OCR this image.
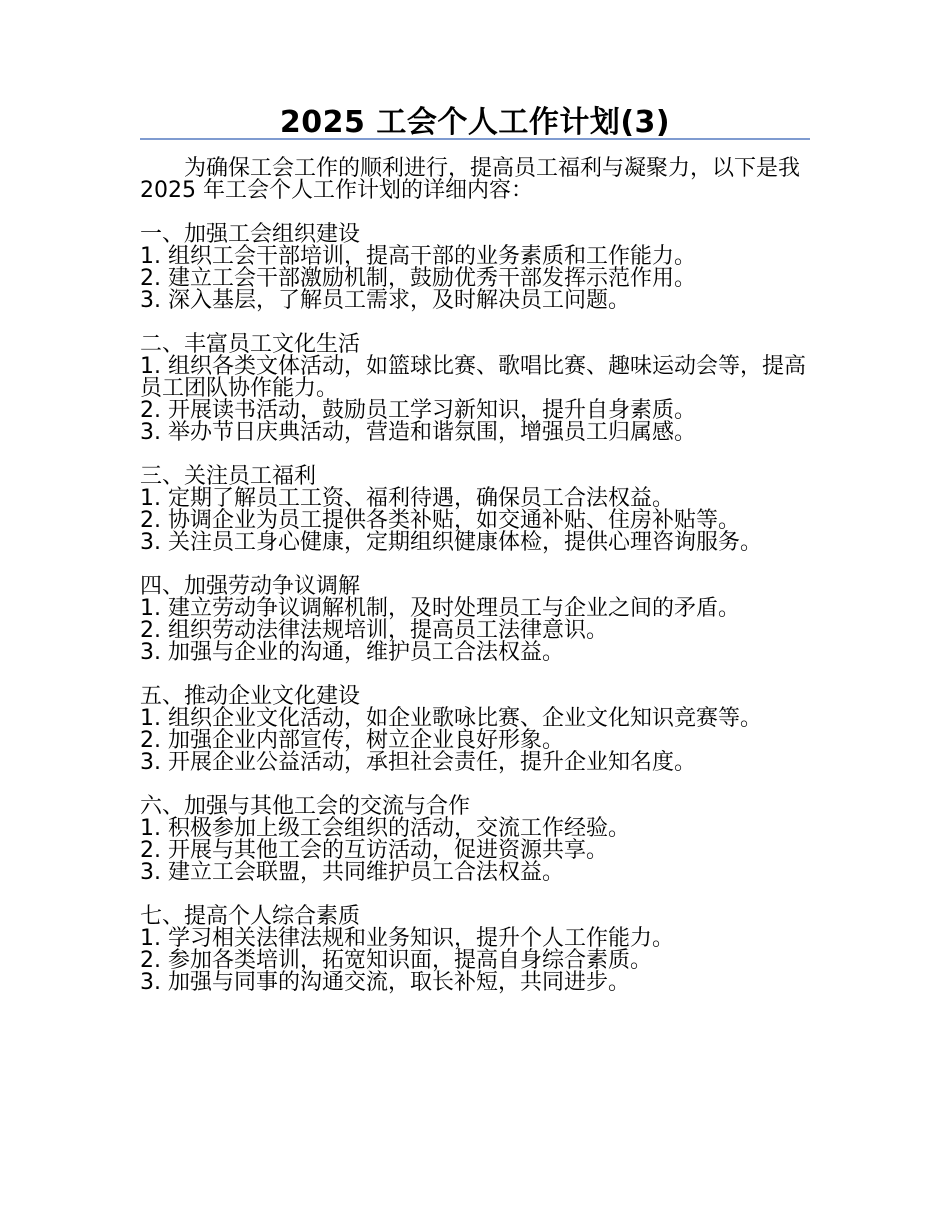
2025 工会个人工作计划(3)

为确保工会工作的顺利进行，提高员工福利与凝聚力，以下是我 2025 年工会个人工作计划的详细内容：

一、加强工会组织建设

1. 组织工会干部培训，提高干部的业务素质和工作能力。

2. 建立工会干部激励机制，鼓励优秀干部发挥示范作用。

3. 深入基层，了解员工需求，及时解决员工问题。

二、丰富员工文化生活

1. 组织各类文体活动，如篮球比赛、歌唱比赛、趣味运动会等，提高员工团队协作能力。

2. 开展读书活动，鼓励员工学习新知识，提升自身素质。

3. 举办节日庆典活动，营造和谐氛围，增强员工归属感。

三、关注员工福利

1. 定期了解员工工资、福利待遇，确保员工合法权益。

2. 协调企业为员工提供各类补贴，如交通补贴、住房补贴等。

3. 关注员工身心健康，定期组织健康体检，提供心理咨询服务。

四、加强劳动争议调解

1. 建立劳动争议调解机制，及时处理员工与企业之间的矛盾。

2. 组织劳动法律法规培训，提高员工法律意识。

3. 加强与企业的沟通，维护员工合法权益。

五、推动企业文化建设

1. 组织企业文化活动，如企业歌咏比赛、企业文化知识竞赛等。

2. 加强企业内部宣传，树立企业良好形象。

3. 开展企业公益活动，承担社会责任，提升企业知名度。

六、加强与其他工会的交流与合作

1. 积极参加上级工会组织的活动，交流工作经验。

2. 开展与其他工会的互访活动，促进资源共享。

3. 建立工会联盟，共同维护员工合法权益。

七、提高个人综合素质

1. 学习相关法律法规和业务知识，提升个人工作能力。

2. 参加各类培训，拓宽知识面，提高自身综合素质。

3. 加强与同事的沟通交流，取长补短，共同进步。
